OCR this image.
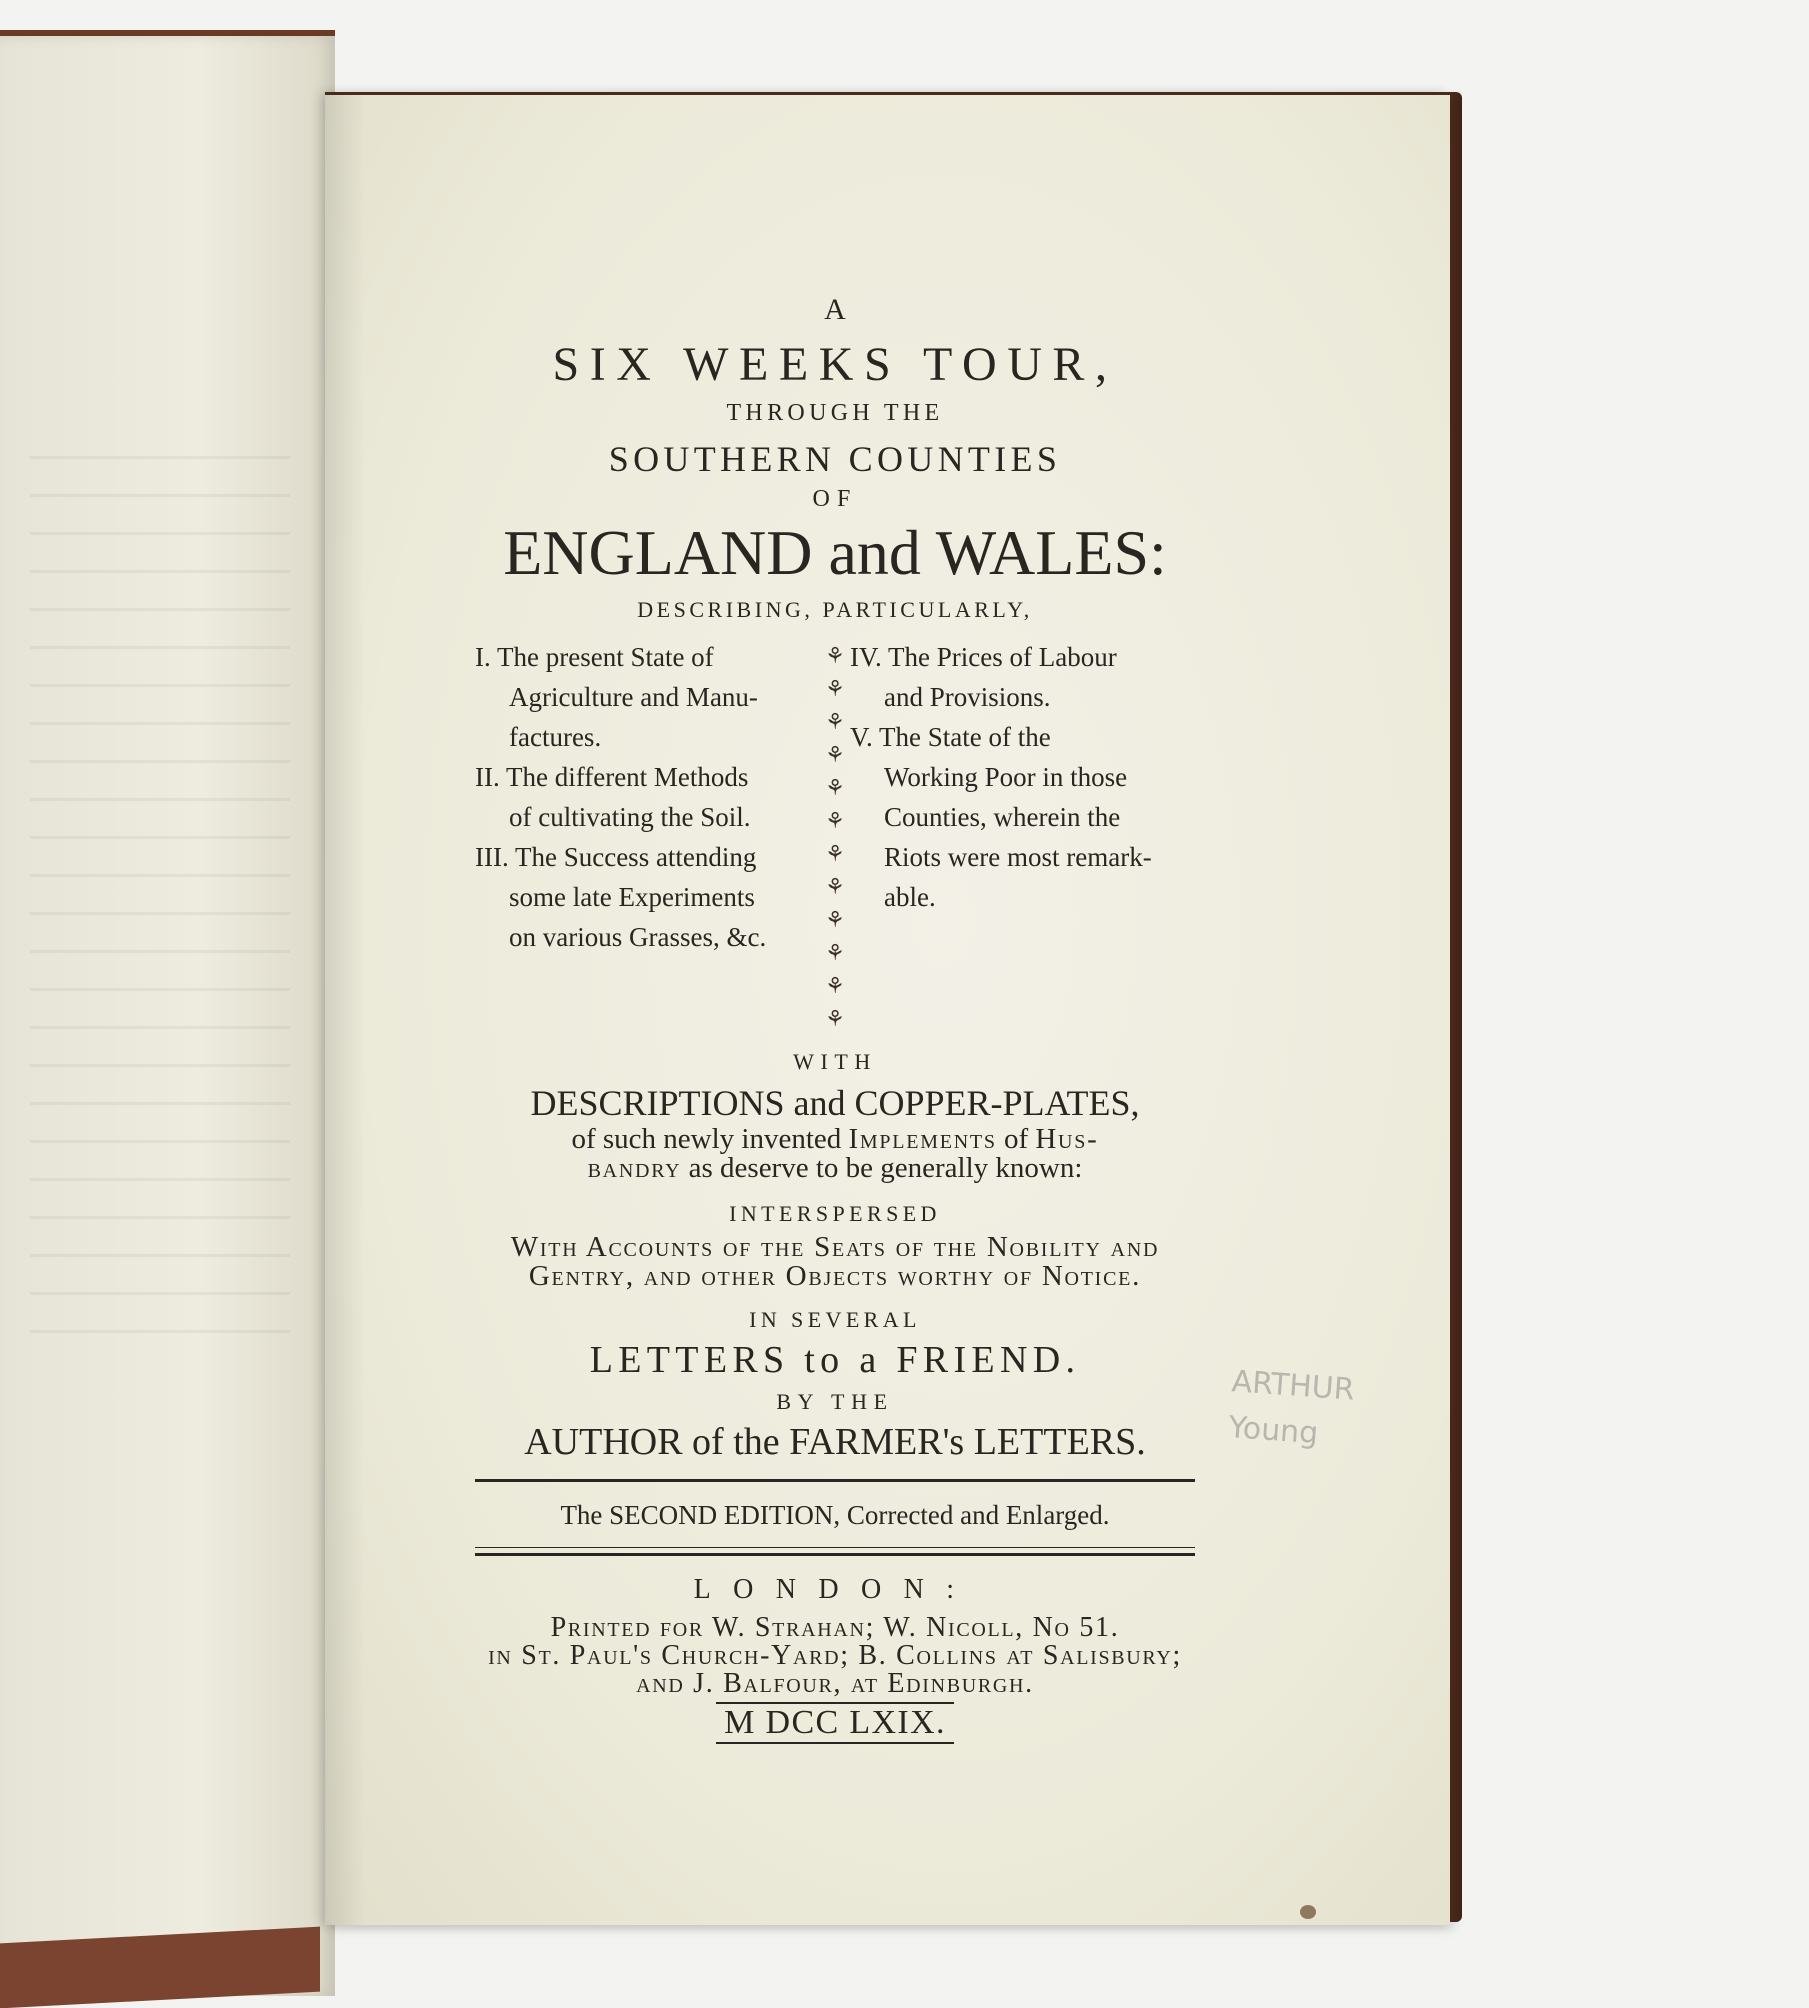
A
SIX WEEKS TOUR,
THROUGH THE
SOUTHERN COUNTIES
OF
ENGLAND and WALES:
DESCRIBING, PARTICULARLY,
I. The present State of
Agriculture and Manu-
factures.
II. The different Methods
of cultivating the Soil.
III. The Success attending
some late Experiments
on various Grasses, &c.
⚘
⚘
⚘
⚘
⚘
⚘
⚘
⚘
⚘
⚘
⚘
⚘
IV. The Prices of Labour
and Provisions.
V. The State of the
Working Poor in those
Counties, wherein the
Riots were most remark-
able.
WITH
DESCRIPTIONS and COPPER-PLATES,
of such newly invented Implements of Hus-
bandry as deserve to be generally known:
INTERSPERSED
With Accounts of the Seats of the Nobility and
Gentry, and other Objects worthy of Notice.
IN SEVERAL
LETTERS to a FRIEND.
BY THE
AUTHOR of the FARMER's LETTERS.
The SECOND EDITION, Corrected and Enlarged.
LONDON:
Printed for W. Strahan; W. Nicoll, No 51.
in St. Paul's Church-Yard; B. Collins at Salisbury;
and J. Balfour, at Edinburgh.
M DCC LXIX.
ARTHUR
Young
